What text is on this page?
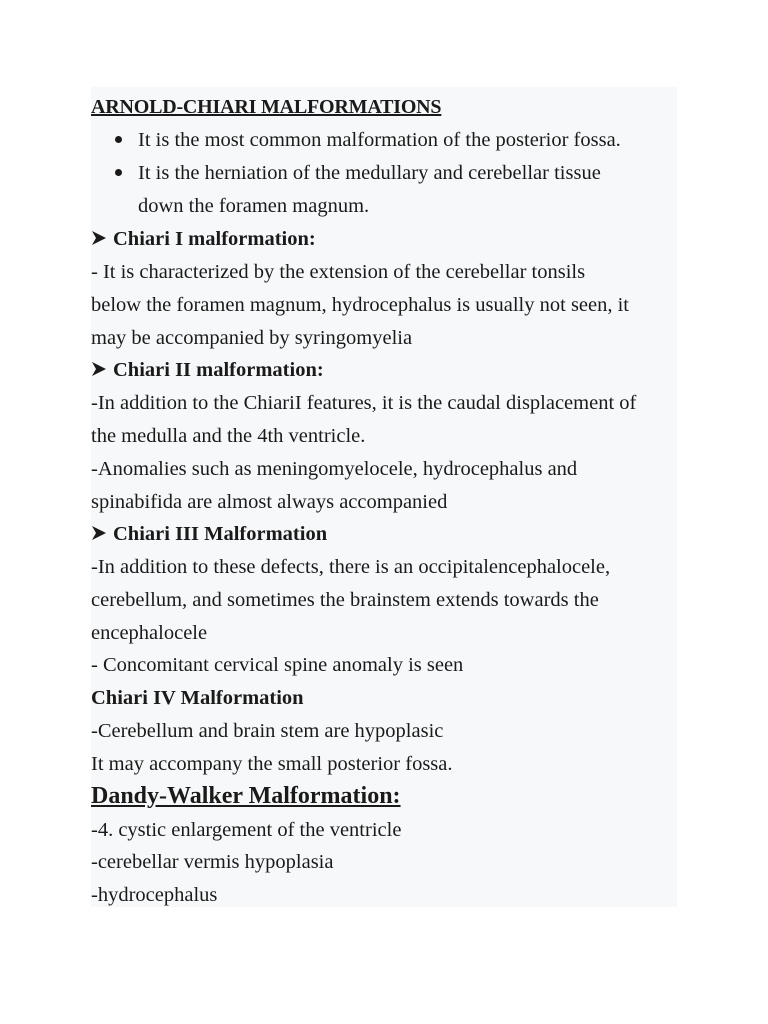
ARNOLD-CHIARI MALFORMATIONS
It is the most common malformation of the posterior fossa.
It is the herniation of the medullary and cerebellar tissue
down the foramen magnum.
Chiari I malformation:
- It is characterized by the extension of the cerebellar tonsils
below the foramen magnum, hydrocephalus is usually not seen, it
may be accompanied by syringomyelia
Chiari II malformation:
-In addition to the ChiariI features, it is the caudal displacement of
the medulla and the 4th ventricle.
-Anomalies such as meningomyelocele, hydrocephalus and
spinabifida are almost always accompanied
Chiari III Malformation
-In addition to these defects, there is an occipitalencephalocele,
cerebellum, and sometimes the brainstem extends towards the
encephalocele
- Concomitant cervical spine anomaly is seen
Chiari IV Malformation
-Cerebellum and brain stem are hypoplasic
It may accompany the small posterior fossa.
Dandy-Walker Malformation:
-4. cystic enlargement of the ventricle
-cerebellar vermis hypoplasia
-hydrocephalus
